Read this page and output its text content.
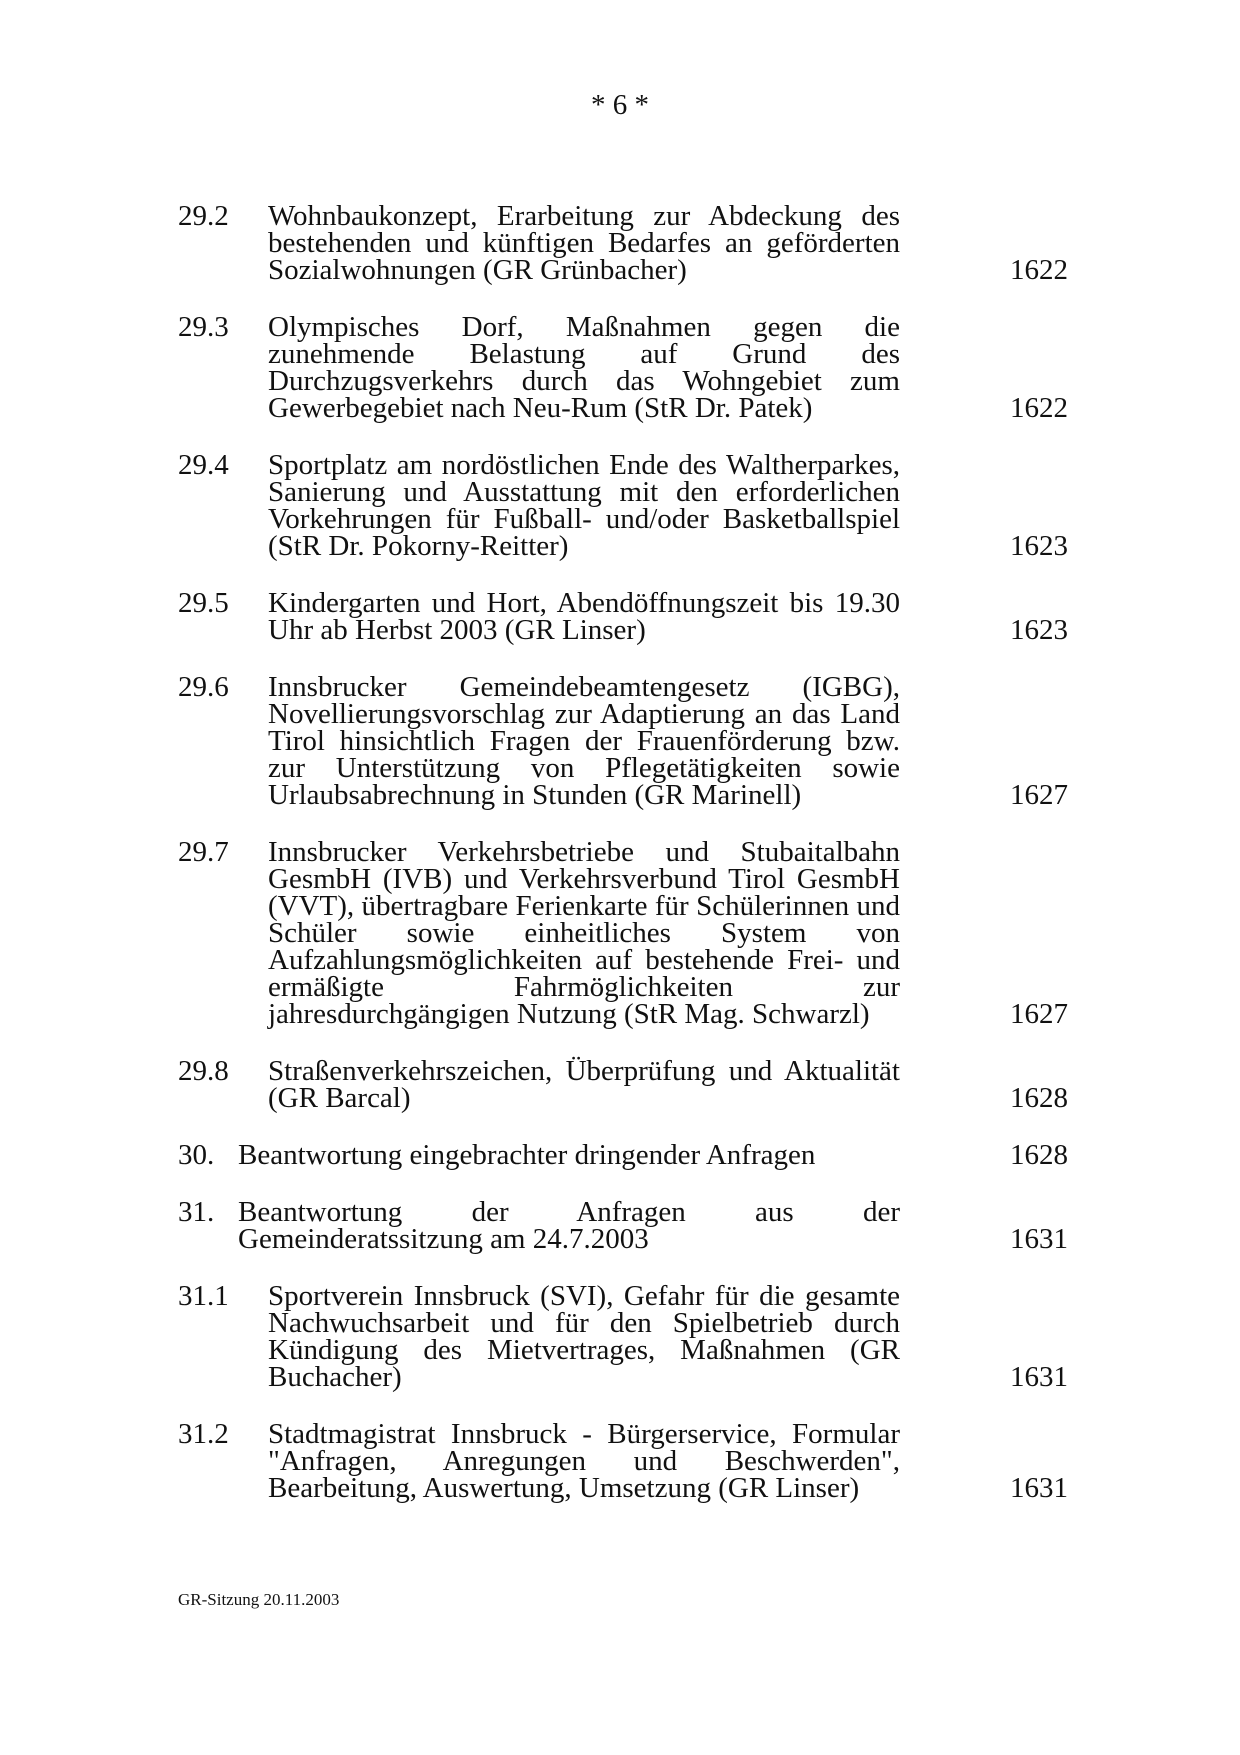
* 6 *
29.2	Wohnbaukonzept, Erarbeitung zur Abdeckung des bestehenden und künftigen Bedarfes an geförderten Sozialwohnungen (GR Grünbacher)	1622
29.3	Olympisches Dorf, Maßnahmen gegen die zunehmende Belastung auf Grund des Durchzugsverkehrs durch das Wohngebiet zum Gewerbegebiet nach Neu-Rum (StR Dr. Patek)	1622
29.4	Sportplatz am nordöstlichen Ende des Waltherparkes, Sanierung und Ausstattung mit den erforderlichen Vorkehrungen für Fußball- und/oder Basketballspiel (StR Dr. Pokorny-Reitter)	1623
29.5	Kindergarten und Hort, Abendöffnungszeit bis 19.30 Uhr ab Herbst 2003 (GR Linser)	1623
29.6	Innsbrucker Gemeindebeamtengesetz (IGBG), Novellierungsvorschlag zur Adaptierung an das Land Tirol hinsichtlich Fragen der Frauenförderung bzw. zur Unterstützung von Pflegetätigkeiten sowie Urlaubsabrechnung in Stunden (GR Marinell)	1627
29.7	Innsbrucker Verkehrsbetriebe und Stubaitalbahn GesmbH (IVB) und Verkehrsverbund Tirol GesmbH (VVT), übertragbare Ferienkarte für Schülerinnen und Schüler sowie einheitliches System von Aufzahlungsmöglichkeiten auf bestehende Frei- und ermäßigte Fahrmöglichkeiten zur jahresdurchgängigen Nutzung (StR Mag. Schwarzl)	1627
29.8	Straßenverkehrszeichen, Überprüfung und Aktualität (GR Barcal)	1628
30. Beantwortung eingebrachter dringender Anfragen	1628
31. Beantwortung der Anfragen aus der Gemeinderatssitzung am 24.7.2003	1631
31.1	Sportverein Innsbruck (SVI), Gefahr für die gesamte Nachwuchsarbeit und für den Spielbetrieb durch Kündigung des Mietvertrages, Maßnahmen (GR Buchacher)	1631
31.2	Stadtmagistrat Innsbruck - Bürgerservice, Formular "Anfragen, Anregungen und Beschwerden", Bearbeitung, Auswertung, Umsetzung (GR Linser)	1631
GR-Sitzung 20.11.2003
